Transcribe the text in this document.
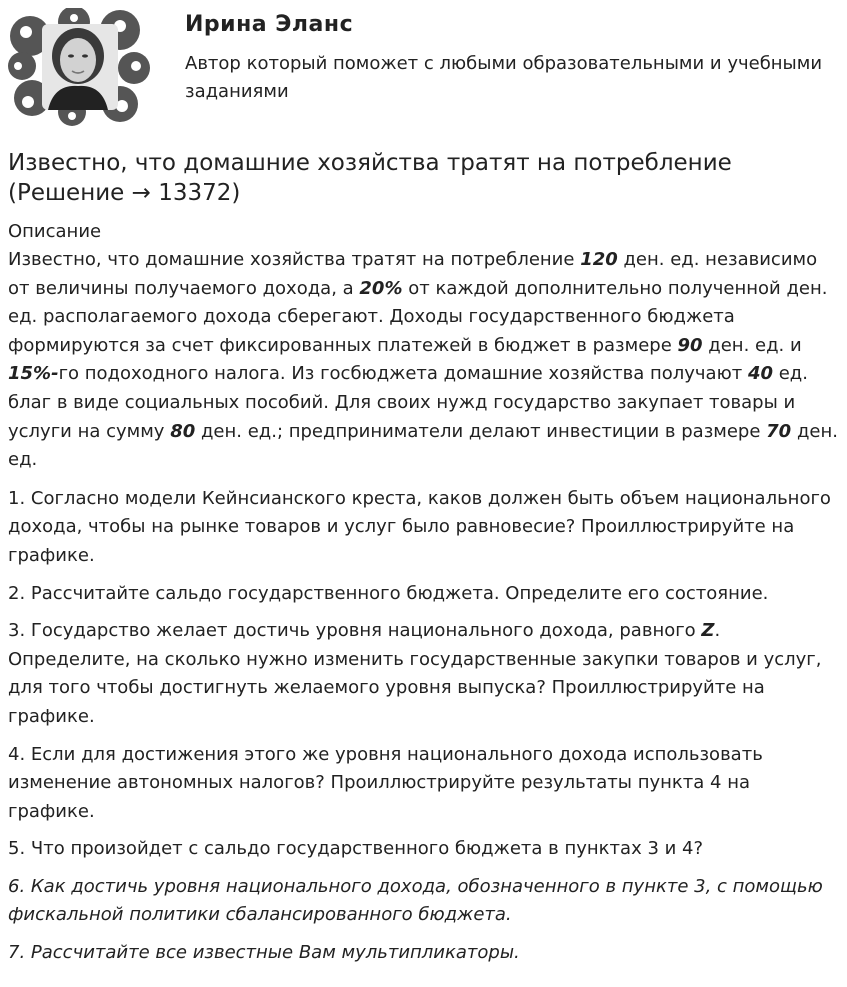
Ирина Эланс

Автор который поможет с любыми образовательными и учебными заданиями

Известно, что домашние хозяйства тратят на потребление (Решение → 13372)
Описание

Известно, что домашние хозяйства тратят на потребление 120 ден. ед. независимо от величины получаемого дохода, а 20% от каждой дополнительно полученной ден. ед. располагаемого дохода сберегают. Доходы государственного бюджета формируются за счет фиксированных платежей в бюджет в размере 90 ден. ед. и 15%-го подоходного налога. Из госбюджета домашние хозяйства получают 40 ед. благ в виде социальных пособий. Для своих нужд государство закупает товары и услуги на сумму 80 ден. ед.; предприниматели делают инвестиции в размере 70 ден. ед.

1. Согласно модели Кейнсианского креста, каков должен быть объем национального дохода, чтобы на рынке товаров и услуг было равновесие? Проиллюстрируйте на графике.

2. Рассчитайте сальдо государственного бюджета. Определите его состояние.

3. Государство желает достичь уровня национального дохода, равного Z. Определите, на сколько нужно изменить государственные закупки товаров и услуг, для того чтобы достигнуть желаемого уровня выпуска? Проиллюстрируйте на графике.

4. Если для достижения этого же уровня национального дохода использовать изменение автономных налогов? Проиллюстрируйте результаты пункта 4 на графике.

5. Что произойдет с сальдо государственного бюджета в пунктах 3 и 4?

6. Как достичь уровня национального дохода, обозначенного в пункте 3, с помощью фискальной политики сбалансированного бюджета.

7. Рассчитайте все известные Вам мультипликаторы.
